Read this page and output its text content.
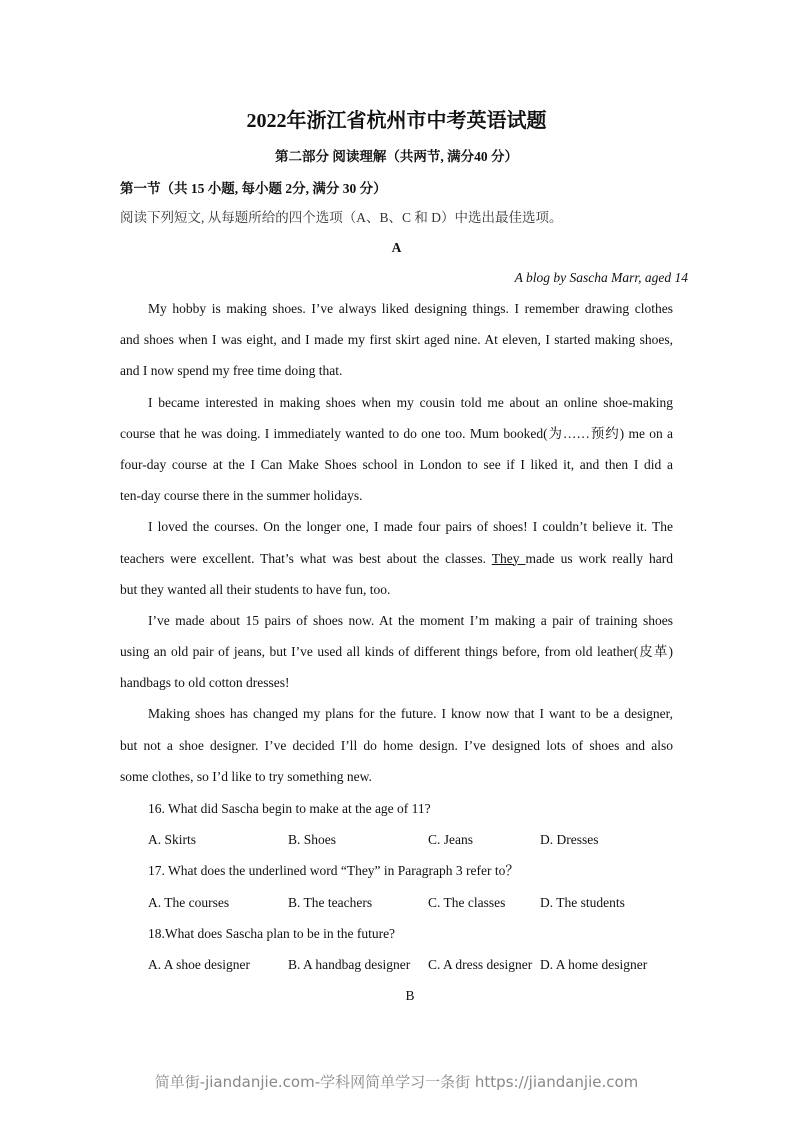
2022年浙江省杭州市中考英语试题
第二部分 阅读理解（共两节, 满分40 分）
第一节（共 15 小题, 每小题 2分, 满分 30 分）
阅读下列短文, 从每题所给的四个选项（A、B、C 和 D）中选出最佳选项。
A
A blog by Sascha Marr, aged 14
My hobby is making shoes. I’ve always liked designing things. I remember drawing clothes
and shoes when I was eight, and I made my first skirt aged nine. At eleven, I started making shoes,
and I now spend my free time doing that.
I became interested in making shoes when my cousin told me about an online shoe-making
course that he was doing. I immediately wanted to do one too. Mum booked(为……预约) me on a
four-day course at the I Can Make Shoes school in London to see if I liked it, and then I did a
ten-day course there in the summer holidays.
I loved the courses. On the longer one, I made four pairs of shoes! I couldn’t believe it. The
teachers were excellent. That’s what was best about the classes. They made us work really hard
but they wanted all their students to have fun, too.
I’ve made about 15 pairs of shoes now. At the moment I’m making a pair of training shoes
using an old pair of jeans, but I’ve used all kinds of different things before, from old leather(皮革)
handbags to old cotton dresses!
Making shoes has changed my plans for the future. I know now that I want to be a designer,
but not a shoe designer. I’ve decided I’ll do home design. I’ve designed lots of shoes and also
some clothes, so I’d like to try something new.
16. What did Sascha begin to make at the age of 11?
A. Skirts	B. Shoes	C. Jeans	D. Dresses
17. What does the underlined word “They” in Paragraph 3 refer to？
A. The courses	B. The teachers	C. The classes	D. The students
18.What does Sascha plan to be in the future?
A. A shoe designer	B. A handbag designer C. A dress designer D. A home designer
B
简单街-jiandanjie.com-学科网简单学习一条街 https://jiandanjie.com
